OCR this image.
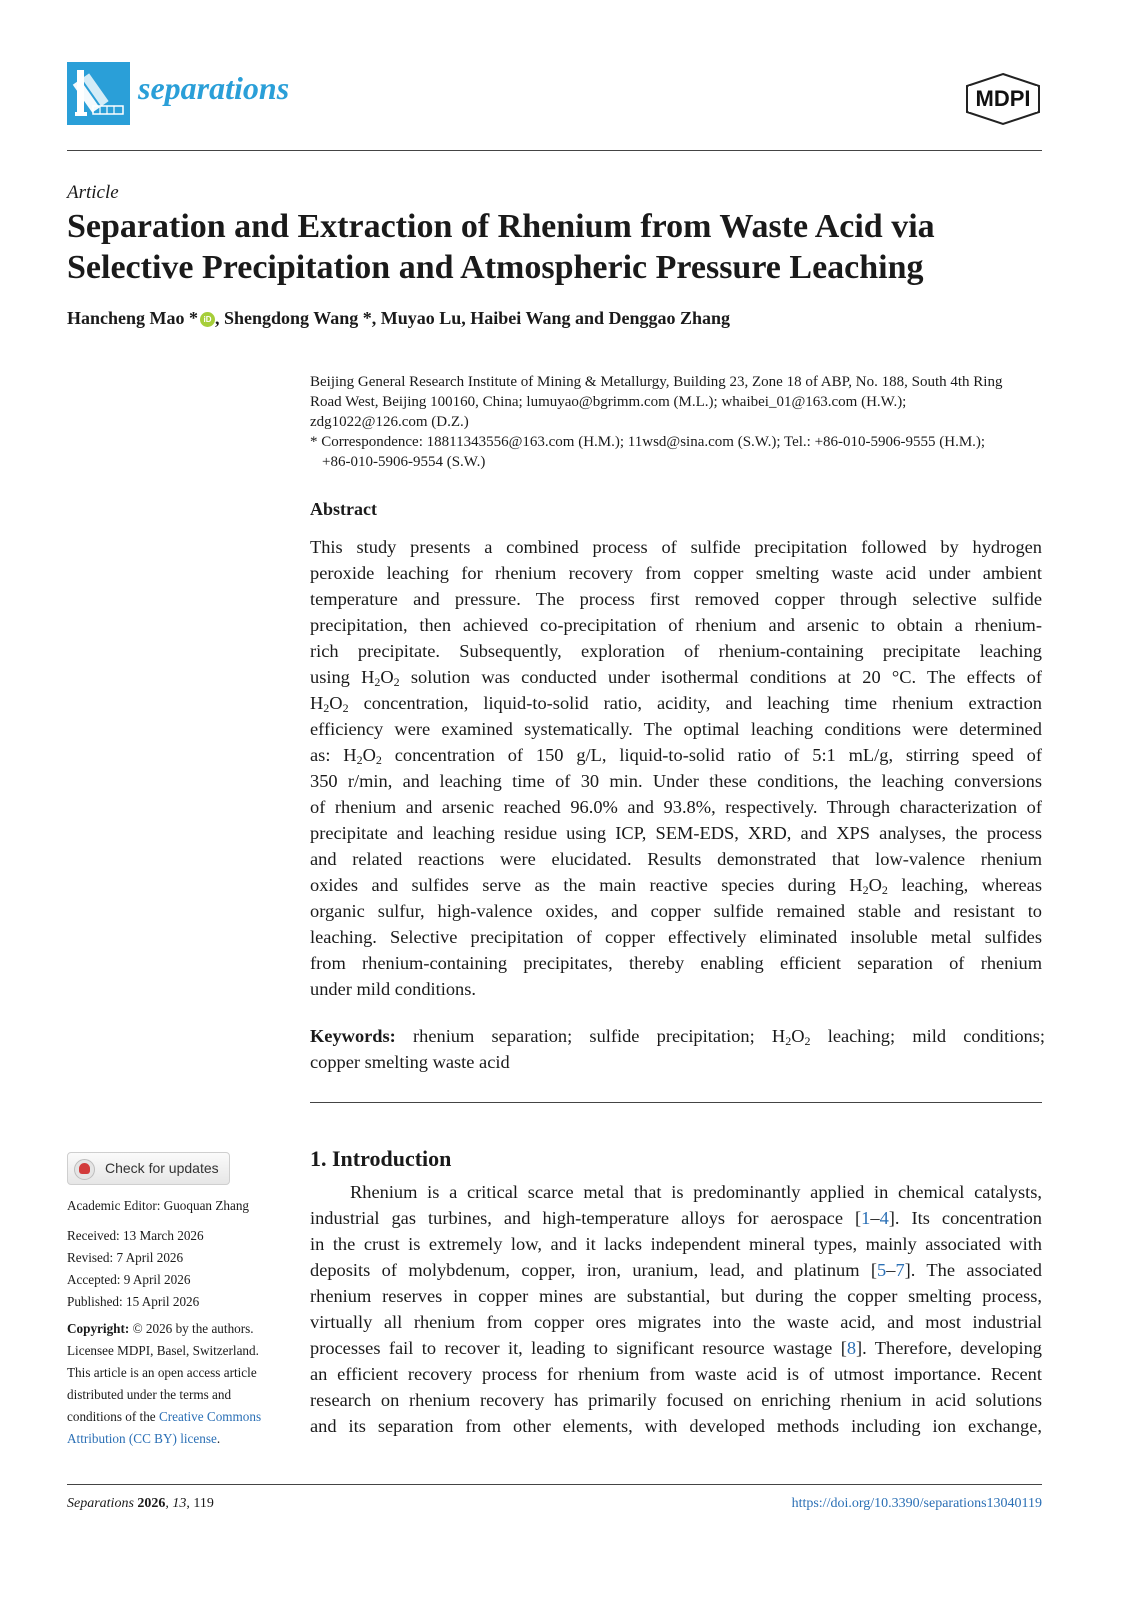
separations	MDPI
Article
Separation and Extraction of Rhenium from Waste Acid via
Selective Precipitation and Atmospheric Pressure Leaching
Hancheng Mao * iD , Shengdong Wang *, Muyao Lu, Haibei Wang and Denggao Zhang
Beijing General Research Institute of Mining & Metallurgy, Building 23, Zone 18 of ABP, No. 188, South 4th Ring
Road West, Beijing 100160, China; lumuyao@bgrimm.com (M.L.); whaibei_01@163.com (H.W.);
zdg1022@126.com (D.Z.)
* Correspondence: 18811343556@163.com (H.M.); 11wsd@sina.com (S.W.); Tel.: +86-010-5906-9555 (H.M.);
+86-010-5906-9554 (S.W.)
Abstract
This study presents a combined process of sulfide precipitation followed by hydrogen
peroxide leaching for rhenium recovery from copper smelting waste acid under ambient
temperature and pressure. The process first removed copper through selective sulfide
precipitation, then achieved co-precipitation of rhenium and arsenic to obtain a rhenium-
rich precipitate. Subsequently, exploration of rhenium-containing precipitate leaching
using $H_2O_2$ solution was conducted under isothermal conditions at 20 °C. The effects of
$H_2O_2$ concentration, liquid-to-solid ratio, acidity, and leaching time rhenium extraction
efficiency were examined systematically. The optimal leaching conditions were determined
as: $H_2O_2$ concentration of 150 g/L, liquid-to-solid ratio of 5:1 mL/g, stirring speed of
350 r/min, and leaching time of 30 min. Under these conditions, the leaching conversions
of rhenium and arsenic reached 96.0% and 93.8%, respectively. Through characterization of
precipitate and leaching residue using ICP, SEM-EDS, XRD, and XPS analyses, the process
and related reactions were elucidated. Results demonstrated that low-valence rhenium
oxides and sulfides serve as the main reactive species during $H_2O_2$ leaching, whereas
organic sulfur, high-valence oxides, and copper sulfide remained stable and resistant to
leaching. Selective precipitation of copper effectively eliminated insoluble metal sulfides
from rhenium-containing precipitates, thereby enabling efficient separation of rhenium
under mild conditions.
Keywords: rhenium separation; sulfide precipitation; $H_2O_2$ leaching; mild conditions;
copper smelting waste acid
Check for updates
Academic Editor: Guoquan Zhang
Received: 13 March 2026
Revised: 7 April 2026
Accepted: 9 April 2026
Published: 15 April 2026
Copyright: © 2026 by the authors.
Licensee MDPI, Basel, Switzerland.
This article is an open access article
distributed under the terms and
conditions of the Creative Commons
Attribution (CC BY) license.
1. Introduction
Rhenium is a critical scarce metal that is predominantly applied in chemical catalysts,
industrial gas turbines, and high-temperature alloys for aerospace [1–4]. Its concentration
in the crust is extremely low, and it lacks independent mineral types, mainly associated with
deposits of molybdenum, copper, iron, uranium, lead, and platinum [5–7]. The associated
rhenium reserves in copper mines are substantial, but during the copper smelting process,
virtually all rhenium from copper ores migrates into the waste acid, and most industrial
processes fail to recover it, leading to significant resource wastage [8]. Therefore, developing
an efficient recovery process for rhenium from waste acid is of utmost importance. Recent
research on rhenium recovery has primarily focused on enriching rhenium in acid solutions
and its separation from other elements, with developed methods including ion exchange,
Separations 2026, 13, 119	https://doi.org/10.3390/separations13040119
